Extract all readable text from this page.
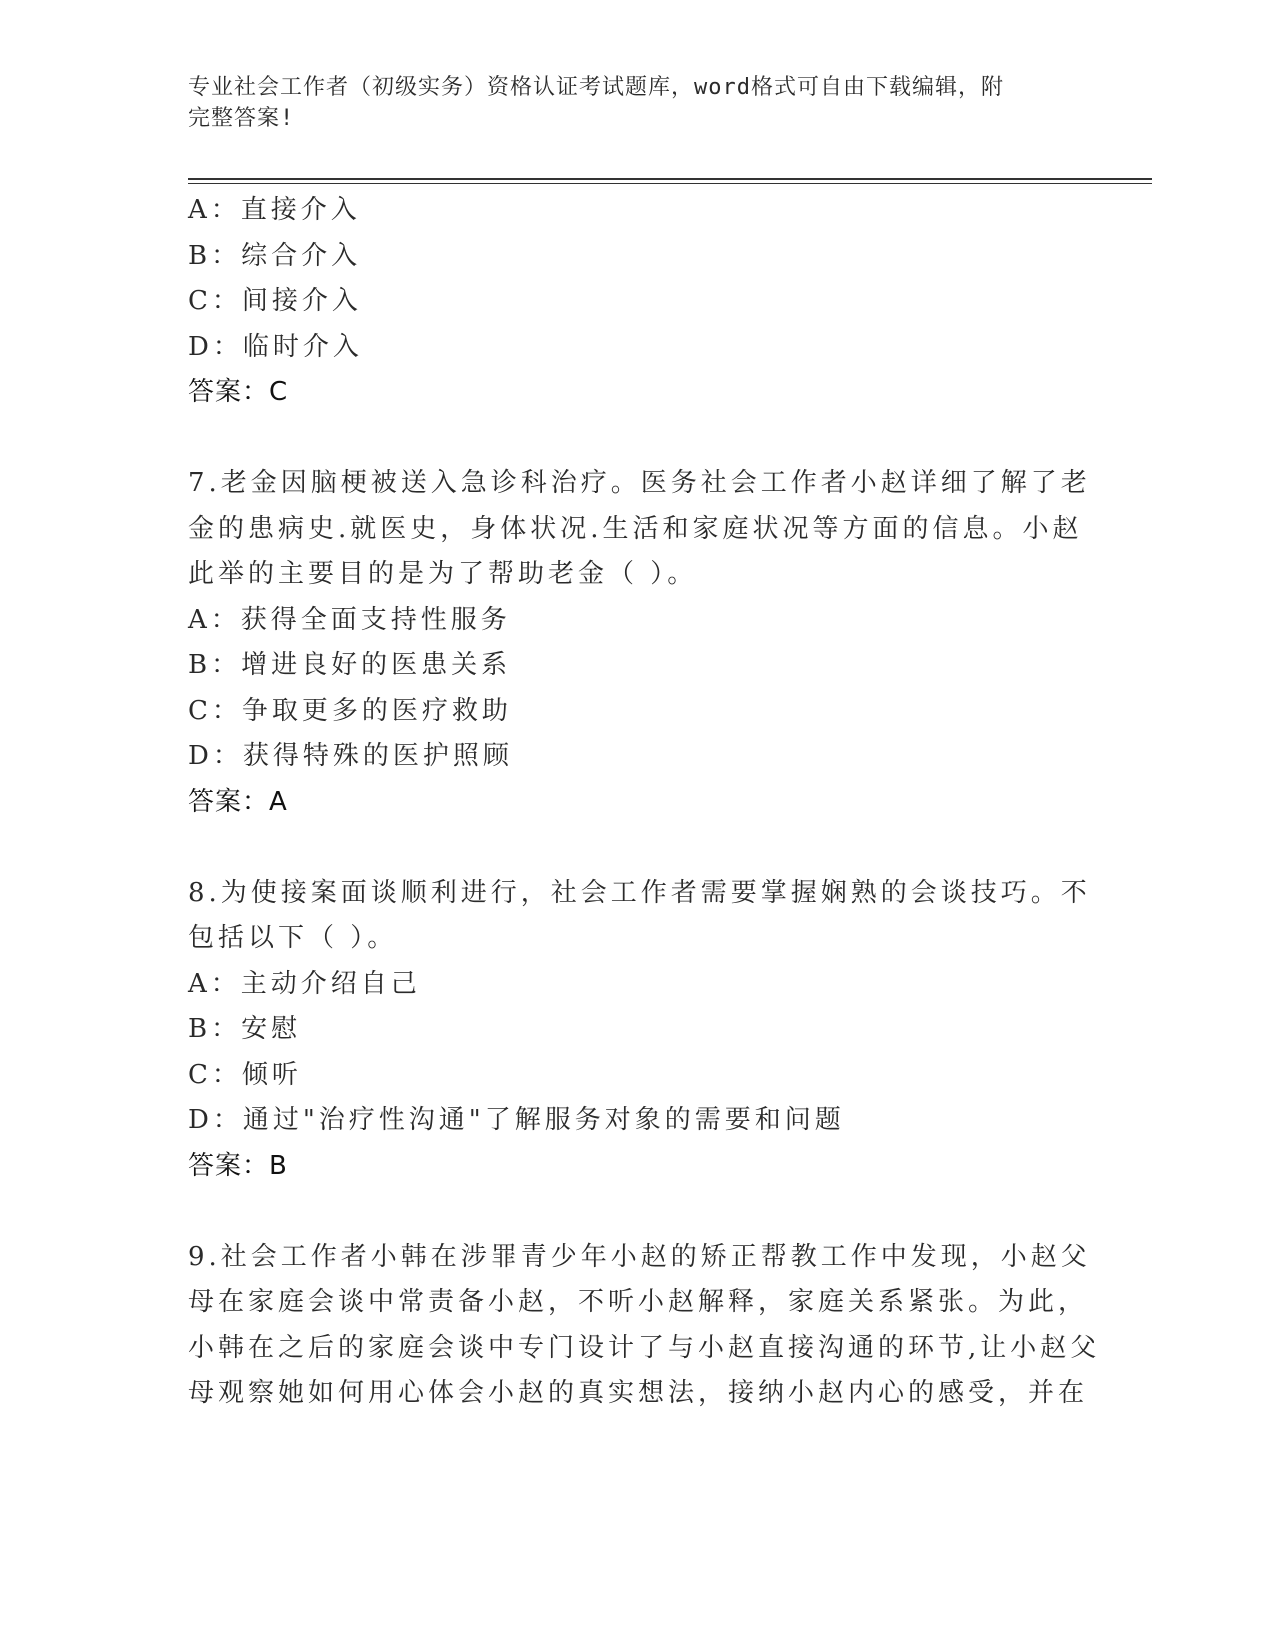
专业社会工作者（初级实务）资格认证考试题库，word格式可自由下载编辑，附
完整答案!
A：直接介入
B：综合介入
C：间接介入
D：临时介入
答案：C
7.老金因脑梗被送入急诊科治疗。医务社会工作者小赵详细了解了老
金的患病史.就医史，身体状况.生活和家庭状况等方面的信息。小赵
此举的主要目的是为了帮助老金（ ）。
A：获得全面支持性服务
B：增进良好的医患关系
C：争取更多的医疗救助
D：获得特殊的医护照顾
答案：A
8.为使接案面谈顺利进行，社会工作者需要掌握娴熟的会谈技巧。不
包括以下（ ）。
A：主动介绍自己
B：安慰
C：倾听
D：通过"治疗性沟通"了解服务对象的需要和问题
答案：B
9.社会工作者小韩在涉罪青少年小赵的矫正帮教工作中发现，小赵父
母在家庭会谈中常责备小赵，不听小赵解释，家庭关系紧张。为此，
小韩在之后的家庭会谈中专门设计了与小赵直接沟通的环节,让小赵父
母观察她如何用心体会小赵的真实想法，接纳小赵内心的感受，并在
